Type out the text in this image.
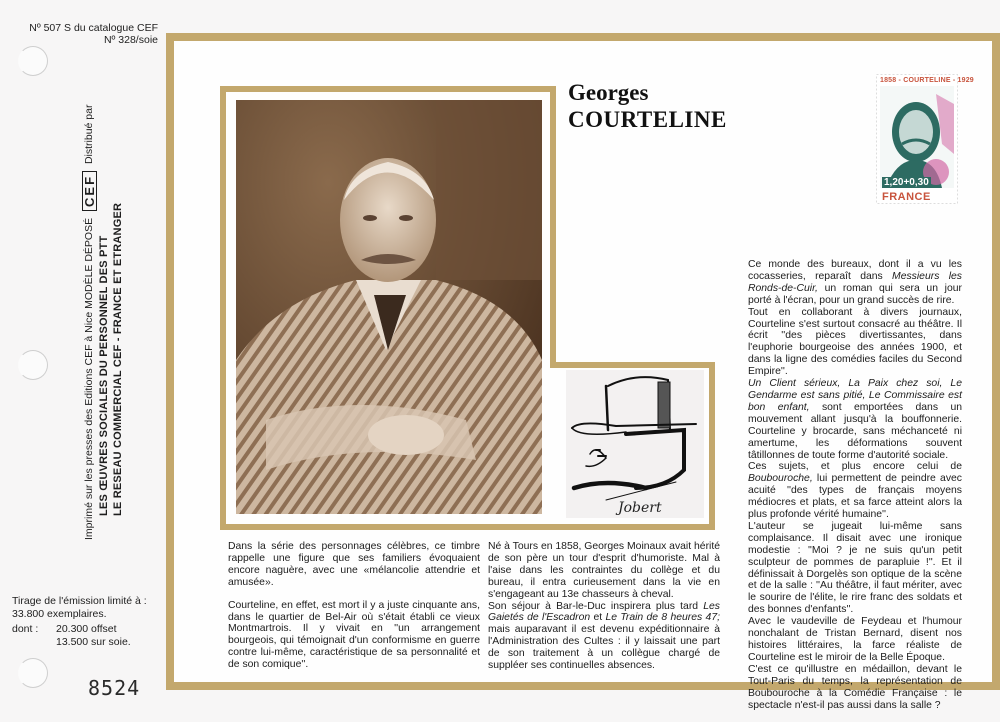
Nº 507 S du catalogue CEF
Nº 328/soie
Imprimé sur les presses des Editions CEF à Nice MODÈLE DÉPOSÉ CEF Distribué par
LES ŒUVRES SOCIALES DU PERSONNEL DES PTT LE RESEAU COMMERCIAL CEF - FRANCE ET ETRANGER
Tirage de l'émission limité à :
33.800 exemplaires.
dont :	20.300 offset
13.500 sur soie.
8524
Jobert
Georges
COURTELINE
1858 - COURTELINE - 1929
1,20+0,30
FRANCE

Dans la série des personnages célèbres, ce timbre rappelle une figure que ses familiers évoquaient encore naguère, avec une «mélancolie attendrie et amusée».

Courteline, en effet, est mort il y a juste cinquante ans, dans le quartier de Bel-Air où s'était établi ce vieux Montmartrois. Il y vivait en ''un arrangement bourgeois, qui témoignait d'un conformisme en guerre contre lui-même, caractéristique de sa personnalité et de son comique''.

Né à Tours en 1858, Georges Moinaux avait hérité de son père un tour d'esprit d'humoriste. Mal à l'aise dans les contraintes du collège et du bureau, il entra curieusement dans la vie en s'engageant au 13e chasseurs à cheval.

Son séjour à Bar-le-Duc inspirera plus tard Les Gaietés de l'Escadron et Le Train de 8 heures 47; mais auparavant il est devenu expéditionnaire à l'Administration des Cultes : il y laissait une part de son traitement à un collègue chargé de suppléer ses continuelles absences.

Ce monde des bureaux, dont il a vu les cocasseries, reparaît dans Messieurs les Ronds-de-Cuir, un roman qui sera un jour porté à l'écran, pour un grand succès de rire.

Tout en collaborant à divers journaux, Courteline s'est surtout consacré au théâtre. Il écrit ''des pièces divertissantes, dans l'euphorie bourgeoise des années 1900, et dans la ligne des comédies faciles du Second Empire''.

Un Client sérieux, La Paix chez soi, Le Gendarme est sans pitié, Le Commissaire est bon enfant, sont emportées dans un mouvement allant jusqu'à la bouffonnerie. Courteline y brocarde, sans méchanceté ni amertume, les déformations souvent tâtillonnes de toute forme d'autorité sociale.

Ces sujets, et plus encore celui de Boubouroche, lui permettent de peindre avec acuité ''des types de français moyens médiocres et plats, et sa farce atteint alors la plus profonde vérité humaine''.

L'auteur se jugeait lui-même sans complaisance. Il disait avec une ironique modestie : ''Moi ? je ne suis qu'un petit sculpteur de pommes de parapluie !''. Et il définissait à Dorgelès son optique de la scène et de la salle : ''Au théâtre, il faut mériter, avec le sourire de l'élite, le rire franc des soldats et des bonnes d'enfants''.

Avec le vaudeville de Feydeau et l'humour nonchalant de Tristan Bernard, disent nos histoires littéraires, la farce réaliste de Courteline est le miroir de la Belle Époque.

C'est ce qu'illustre en médaillon, devant le Tout-Paris du temps, la représentation de Boubouroche à la Comédie Française : le spectacle n'est-il pas aussi dans la salle ?
